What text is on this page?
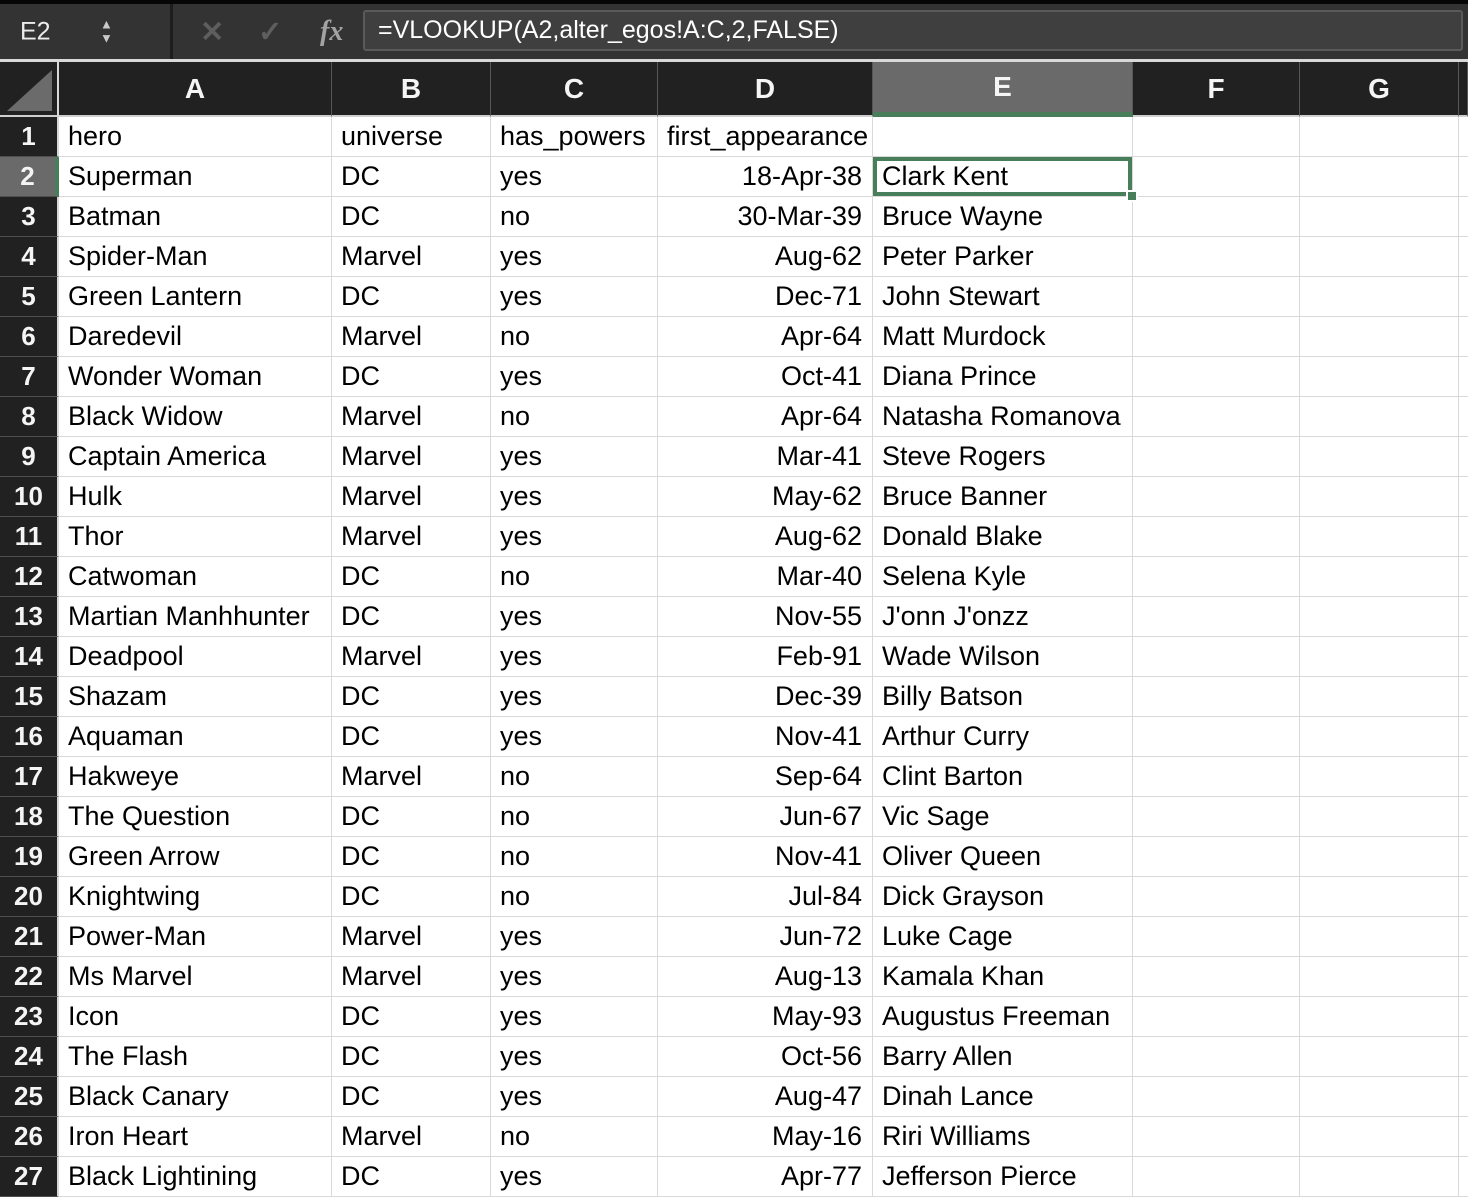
E2	▲
▼	✕ ✓ fx	=VLOOKUP(A2,alter_egos!A:C,2,FALSE)
A	B	C	D	E	F	G
1	hero	universe	has_powers first_appearance
2	Superman	DC	yes	18-Apr-38 Clark Kent
3	Batman	DC	no	30-Mar-39 Bruce Wayne
4	Spider-Man	Marvel	yes	Aug-62 Peter Parker
5	Green Lantern	DC	yes	Dec-71 John Stewart
6	Daredevil	Marvel	no	Apr-64 Matt Murdock
7	Wonder Woman	DC	yes	Oct-41 Diana Prince
8	Black Widow	Marvel	no	Apr-64 Natasha Romanova
9	Captain America	Marvel	yes	Mar-41 Steve Rogers
10 Hulk	Marvel	yes	May-62 Bruce Banner
11 Thor	Marvel	yes	Aug-62 Donald Blake
12 Catwoman	DC	no	Mar-40 Selena Kyle
13 Martian Manhhunter	DC	yes	Nov-55 J'onn J'onzz
14 Deadpool	Marvel	yes	Feb-91 Wade Wilson
15 Shazam	DC	yes	Dec-39 Billy Batson
16 Aquaman	DC	yes	Nov-41 Arthur Curry
17 Hakweye	Marvel	no	Sep-64 Clint Barton
18 The Question	DC	no	Jun-67 Vic Sage
19 Green Arrow	DC	no	Nov-41 Oliver Queen
20 Knightwing	DC	no	Jul-84 Dick Grayson
21 Power-Man	Marvel	yes	Jun-72 Luke Cage
22 Ms Marvel	Marvel	yes	Aug-13 Kamala Khan
23 Icon	DC	yes	May-93 Augustus Freeman
24 The Flash	DC	yes	Oct-56 Barry Allen
25 Black Canary	DC	yes	Aug-47 Dinah Lance
26 Iron Heart	Marvel	no	May-16 Riri Williams
27 Black Lightining	DC	yes	Apr-77 Jefferson Pierce
